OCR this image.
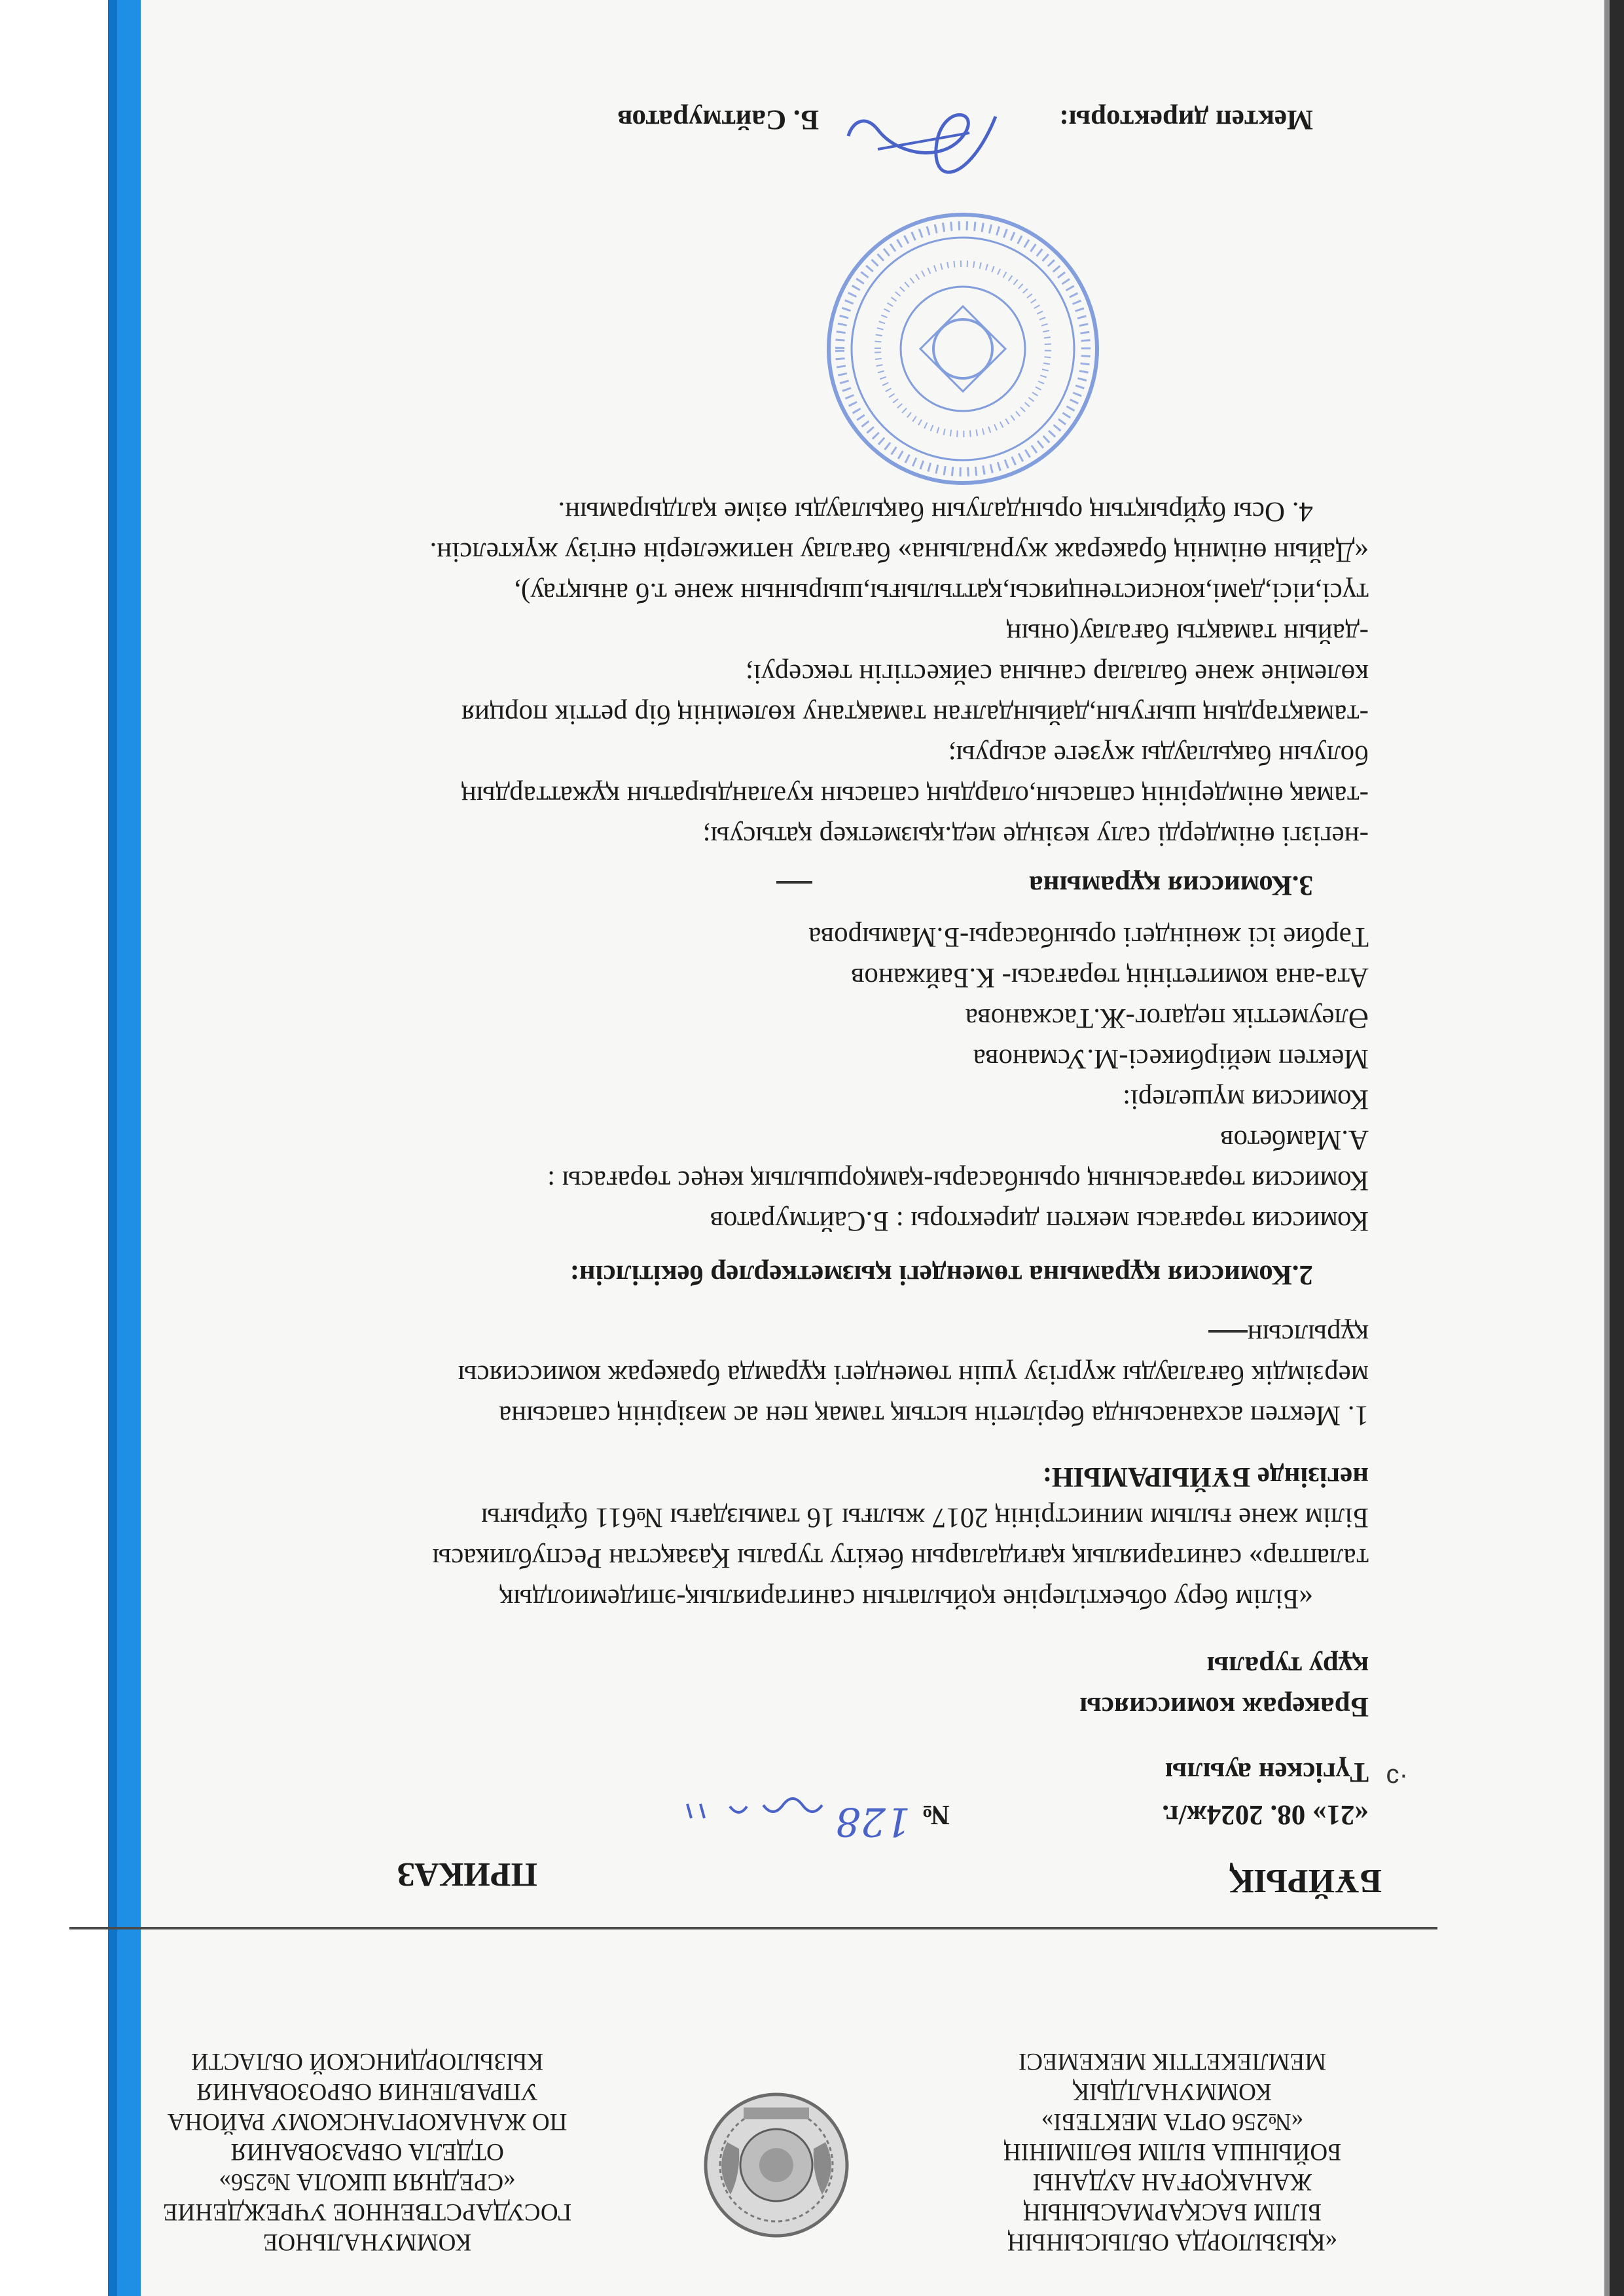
«ҚЫЗЫЛОРДА ОБЛЫСЫНЫҢ
БІЛІМ БАСҚАРМАСЫНЫҢ
ЖАНАҚОРҒАН АУДАНЫ
БОЙЫНША БІЛІМ БӨЛІМІНІҢ
«№256 ОРТА МЕКТЕБІ»
КОММУНАЛДЫҚ
МЕМЛЕКЕТТІК МЕКЕМЕСІ
КОММУНАЛЬНОЕ
ГОСУДАРСТВЕННОЕ УЧРЕЖДЕНИЕ
«СРЕДНЯЯ ШКОЛА №256»
ОТДЕЛА ОБРАЗОВАНИЯ
ПО ЖАНАКОРГАНСКОМУ РАЙОНА
УПРАВЛЕНИЯ ОБРОЗОВАНИЯ
КЫЗЫЛОРДИНСКОЙ ОБЛАСТИ
БҰЙРЫҚ
ПРИКАЗ
«21» 08. 2024ж/г.
№
128
Түгіскен ауылы ·ɔ
Бракераж комиссиясы
құру туралы
«Білім беру объектілеріне қойылатын санитариялық-эпидемиолдық
талаптар» санитариялық қағидаларын бекіту туралы Қазақстан Республикасы
Білім және ғылым министрінің 2017 жылғы 16 тамыздағы №611 бұйрығы
негізінде БҰЙЫРАМЫН:
1. Мектеп асханасында берілетін ыстық тамақ пен ас мәзірінің сапасына
мерзімдік бағалауды жүргізу үшін төмендегі құрамда бракераж комиссиясы
құрылсын
2.Комиссия құрамына төмендегі қызметкерлер бекітілсін:
Комиссия төрағасы мектеп директоры : Б.Сайтмуратов
Комиссия төрағасының орынбасары-қамқоршылық кеңес төрағасы :
А.Мамбетов
Комиссия мүшелері:
Мектеп мейірбикесі-М.Усманова
Әлеуметтік педагог-Ж.Тасжанова
Ата-ана комитетінің төрағасы- К.Байжанов
Тәрбие ісі жөніндегі орынбасары-Б.Мамырова
3.Комиссия құрамына
-негізгі өнімдерді салу кезінде мед.қызметкер қатысуы;
-тамақ өнімдерінің сапасын,олардың сапасын куәландыратын құжаттардың
болуын бақылауды жүзеге асыруы;
-тамақтардың шығуын,дайындалған тамақтану көлемінің бір реттік порция
көлеміне және балалар санына сәйкестігін тексеруі;
-дайын тамақты бағалау(оның
түсі,иісі,дәмі,консистенциясы,қаттылығы,шырынын және т.б анықтау),
«Дайын өнімнің бракераж журналына» бағалау нәтижелерін енгізу жүктелсін.
4. Осы бұйрықтың орындалуын бақылауды өзіме қалдырамын.
Мектеп директоры:
Б. Сайтмуратов
